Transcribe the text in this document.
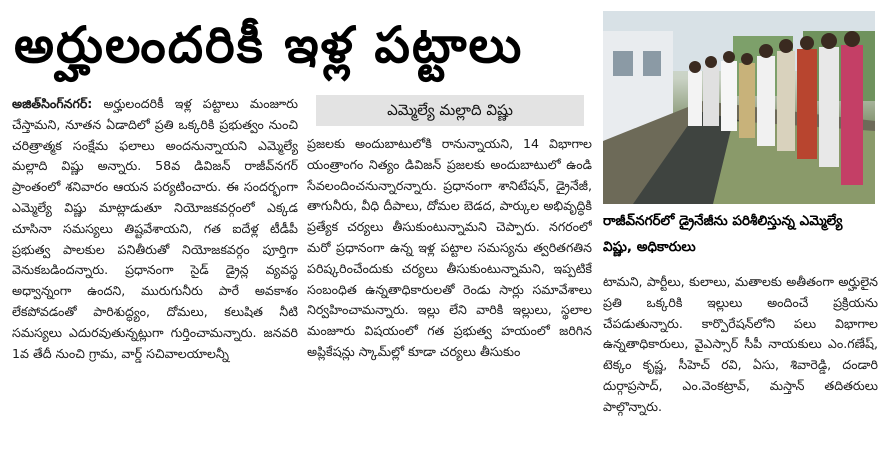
అర్హులందరికీ ఇళ్ల పట్టాలు
రాజీవ్‌నగర్‌లో డ్రైనేజీను పరిశీలిస్తున్న ఎమ్మెల్యే విష్ణు, అధికారులు
ఎమ్మెల్యే మల్లాది విష్ణు

అజిత్‌సింగ్‌నగర్: అర్హులందరికీ ఇళ్ల పట్టాలు మంజూరు చేస్తామని, నూతన ఏడాదిలో ప్రతి ఒక్కరికి ప్రభుత్వం నుంచి చరిత్రాత్మక సంక్షేమ ఫలాలు అందనున్నాయని ఎమ్మెల్యే మల్లాది విష్ణు అన్నారు. 58వ డివిజన్ రాజీవ్‌నగర్ ప్రాంతంలో శనివారం ఆయన పర్యటించారు. ఈ సందర్భంగా ఎమ్మెల్యే విష్ణు మాట్లాడుతూ నియోజకవర్గంలో ఎక్కడ చూసినా సమస్యలు తిష్టవేశాయని, గత ఐదేళ్ల టీడీపీ ప్రభుత్వ పాలకుల పనితీరుతో నియోజకవర్గం పూర్తిగా వెనుకబడిందన్నారు. ప్రధానంగా సైడ్ డ్రైన్ల వ్యవస్థ అధ్వాన్నంగా ఉందని, మురుగునీరు పారే అవకాశం లేకపోవడంతో పారిశుద్ధ్యం, దోమలు, కలుషిత నీటి సమస్యలు ఎదురవుతున్నట్లుగా గుర్తించామన్నారు. జనవరి 1వ తేదీ నుంచి గ్రామ, వార్డ్ సచివాలయాలన్నీ

ప్రజలకు అందుబాటులోకి రానున్నాయని, 14 విభాగాల యంత్రాంగం నిత్యం డివిజన్ ప్రజలకు అందుబాటులో ఉండి సేవలందించనున్నారన్నారు. ప్రధానంగా శానిటేషన్, డ్రైనేజీ, తాగునీరు, వీధి దీపాలు, దోమల బెడద, పార్కుల అభివృద్ధికి ప్రత్యేక చర్యలు తీసుకుంటున్నామని చెప్పారు. నగరంలో మరో ప్రధానంగా ఉన్న ఇళ్ల పట్టాల సమస్యను త్వరితగతిన పరిష్కరించేందుకు చర్యలు తీసుకుంటున్నామని, ఇప్పటికే సంబంధిత ఉన్నతాధికారులతో రెండు సార్లు సమావేశాలు నిర్వహించామన్నారు. ఇల్లు లేని వారికి ఇల్లులు, స్థలాల మంజూరు విషయంలో గత ప్రభుత్వ హయంలో జరిగిన అప్లికేషన్లు స్కామ్‌ల్లో కూడా చర్యలు తీసుకుం

టామని, పార్టీలు, కులాలు, మతాలకు అతీతంగా అర్హులైన ప్రతి ఒక్కరికి ఇల్లులు అందించే ప్రక్రియను చేపడుతున్నారు. కార్పొరేషన్‌లోని పలు విభాగాల ఉన్నతాధికారులు, వైఎస్సార్ సీపీ నాయకులు ఎం.గణేష్, టెక్కం కృష్ణ, సీహెచ్ రవి, ఏసు, శివారెడ్డి, దండారి దుర్గాప్రసాద్, ఎం.వెంకట్రావ్, మస్తాన్ తదితరులు పాల్గొన్నారు.
